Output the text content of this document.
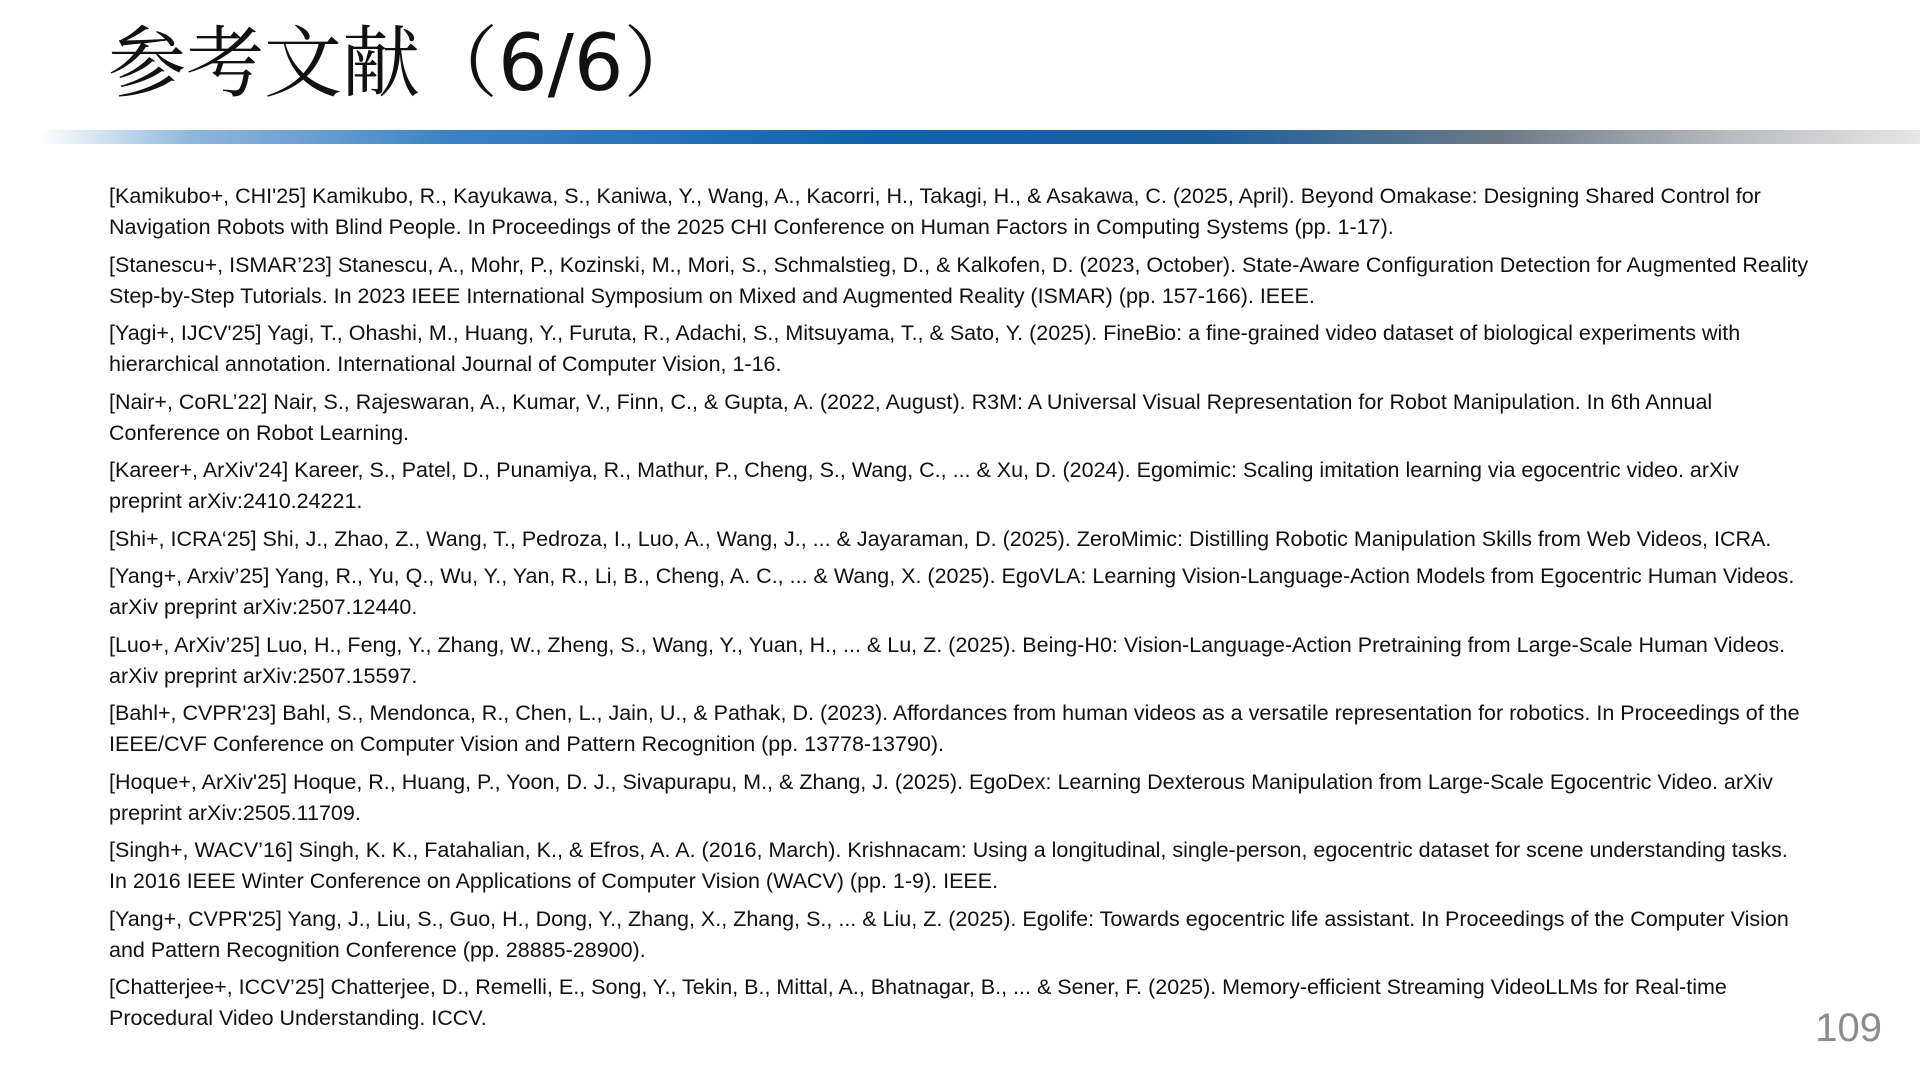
参考文献（6/6）
[Kamikubo+, CHI'25] Kamikubo, R., Kayukawa, S., Kaniwa, Y., Wang, A., Kacorri, H., Takagi, H., & Asakawa, C. (2025, April). Beyond Omakase: Designing Shared Control for Navigation Robots with Blind People. In Proceedings of the 2025 CHI Conference on Human Factors in Computing Systems (pp. 1-17).
[Stanescu+, ISMAR’23] Stanescu, A., Mohr, P., Kozinski, M., Mori, S., Schmalstieg, D., & Kalkofen, D. (2023, October). State-Aware Configuration Detection for Augmented Reality Step-by-Step Tutorials. In 2023 IEEE International Symposium on Mixed and Augmented Reality (ISMAR) (pp. 157-166). IEEE.
[Yagi+, IJCV'25] Yagi, T., Ohashi, M., Huang, Y., Furuta, R., Adachi, S., Mitsuyama, T., & Sato, Y. (2025). FineBio: a fine-grained video dataset of biological experiments with hierarchical annotation. International Journal of Computer Vision, 1-16.
[Nair+, CoRL’22] Nair, S., Rajeswaran, A., Kumar, V., Finn, C., & Gupta, A. (2022, August). R3M: A Universal Visual Representation for Robot Manipulation. In 6th Annual Conference on Robot Learning.
[Kareer+, ArXiv'24] Kareer, S., Patel, D., Punamiya, R., Mathur, P., Cheng, S., Wang, C., ... & Xu, D. (2024). Egomimic: Scaling imitation learning via egocentric video. arXiv preprint arXiv:2410.24221.
[Shi+, ICRA‘25] Shi, J., Zhao, Z., Wang, T., Pedroza, I., Luo, A., Wang, J., ... & Jayaraman, D. (2025). ZeroMimic: Distilling Robotic Manipulation Skills from Web Videos, ICRA.
[Yang+, Arxiv’25] Yang, R., Yu, Q., Wu, Y., Yan, R., Li, B., Cheng, A. C., ... & Wang, X. (2025). EgoVLA: Learning Vision-Language-Action Models from Egocentric Human Videos. arXiv preprint arXiv:2507.12440.
[Luo+, ArXiv’25] Luo, H., Feng, Y., Zhang, W., Zheng, S., Wang, Y., Yuan, H., ... & Lu, Z. (2025). Being-H0: Vision-Language-Action Pretraining from Large-Scale Human Videos. arXiv preprint arXiv:2507.15597.
[Bahl+, CVPR'23] Bahl, S., Mendonca, R., Chen, L., Jain, U., & Pathak, D. (2023). Affordances from human videos as a versatile representation for robotics. In Proceedings of the IEEE/CVF Conference on Computer Vision and Pattern Recognition (pp. 13778-13790).
[Hoque+, ArXiv'25] Hoque, R., Huang, P., Yoon, D. J., Sivapurapu, M., & Zhang, J. (2025). EgoDex: Learning Dexterous Manipulation from Large-Scale Egocentric Video. arXiv preprint arXiv:2505.11709.
[Singh+, WACV’16] Singh, K. K., Fatahalian, K., & Efros, A. A. (2016, March). Krishnacam: Using a longitudinal, single-person, egocentric dataset for scene understanding tasks. In 2016 IEEE Winter Conference on Applications of Computer Vision (WACV) (pp. 1-9). IEEE.
[Yang+, CVPR'25] Yang, J., Liu, S., Guo, H., Dong, Y., Zhang, X., Zhang, S., ... & Liu, Z. (2025). Egolife: Towards egocentric life assistant. In Proceedings of the Computer Vision and Pattern Recognition Conference (pp. 28885-28900).
[Chatterjee+, ICCV’25] Chatterjee, D., Remelli, E., Song, Y., Tekin, B., Mittal, A., Bhatnagar, B., ... & Sener, F. (2025). Memory-efficient Streaming VideoLLMs for Real-time Procedural Video Understanding. ICCV.	109
